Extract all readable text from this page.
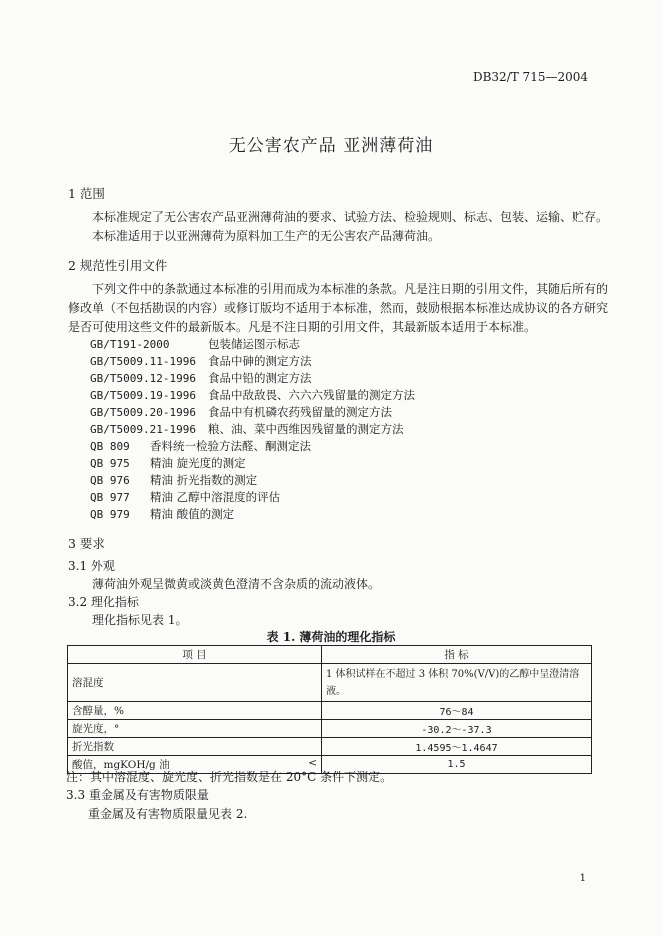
DB32/T 715—2004
无公害农产品 亚洲薄荷油
1 范围
本标准规定了无公害农产品亚洲薄荷油的要求、试验方法、检验规则、标志、包装、运输、贮存。
本标准适用于以亚洲薄荷为原料加工生产的无公害农产品薄荷油。
2 规范性引用文件
下列文件中的条款通过本标准的引用而成为本标准的条款。凡是注日期的引用文件，其随后所有的修改单（不包括勘误的内容）或修订版均不适用于本标准，然而，鼓励根据本标准达成协议的各方研究是否可使用这些文件的最新版本。凡是不注日期的引用文件，其最新版本适用于本标准。
GB/T191-2000	包装储运图示标志
GB/T5009.11-1996 食品中砷的测定方法
GB/T5009.12-1996 食品中铅的测定方法
GB/T5009.19-1996 食品中敌敌畏、六六六残留量的测定方法
GB/T5009.20-1996 食品中有机磷农药残留量的测定方法
GB/T5009.21-1996 粮、油、菜中西维因残留量的测定方法
QB 809 香料统一检验方法醛、酮测定法
QB 975 精油 旋光度的测定
QB 976 精油 折光指数的测定
QB 977 精油 乙醇中溶混度的评估
QB 979 精油 酸值的测定
3 要求
3.1 外观
薄荷油外观呈微黄或淡黄色澄清不含杂质的流动液体。
3.2 理化指标
理化指标见表 1。
表 1. 薄荷油的理化指标
项 目	指 标
溶混度	1 体积试样在不超过 3 体积 70%(V/V)的乙醇中呈澄清溶液。
含醇量，%	76～84
旋光度，°	-30.2～-37.3
折光指数	1.4595～1.4647
酸值，mgKOH/g 油 <	1.5
注：其中溶混度、旋光度、折光指数是在 20°C 条件下测定。
3.3 重金属及有害物质限量
重金属及有害物质限量见表 2.
1
